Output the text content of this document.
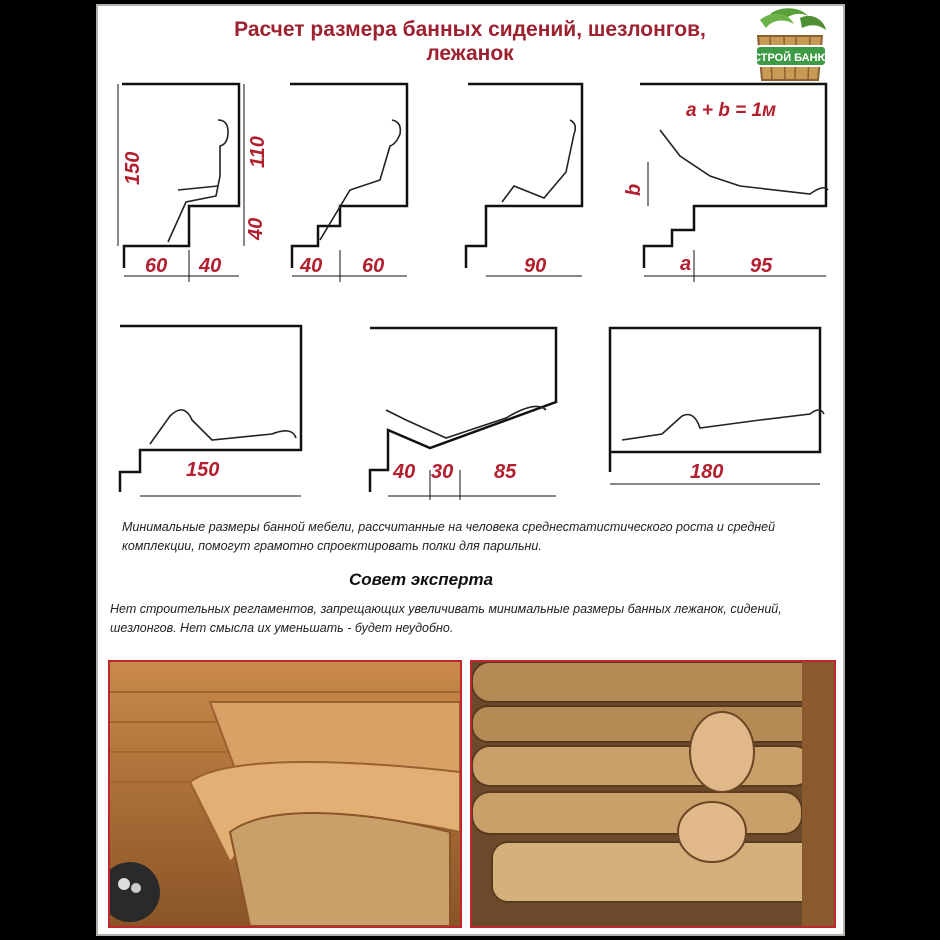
Расчет размера банных сидений, шезлонгов,
лежанок	СТРОЙ БАНЮ
150	110
40
60 40	40 60	90
a + b = 1м
b
a	95
150	40 30 85	180
Минимальные размеры банной мебели, рассчитанные на человека среднестатистического роста и средней комплекции, помогут грамотно спроектировать полки для парильни.
Совет эксперта
Нет строительных регламентов, запрещающих увеличивать минимальные размеры банных лежанок, сидений, шезлонгов. Нет смысла их уменьшать - будет неудобно.
